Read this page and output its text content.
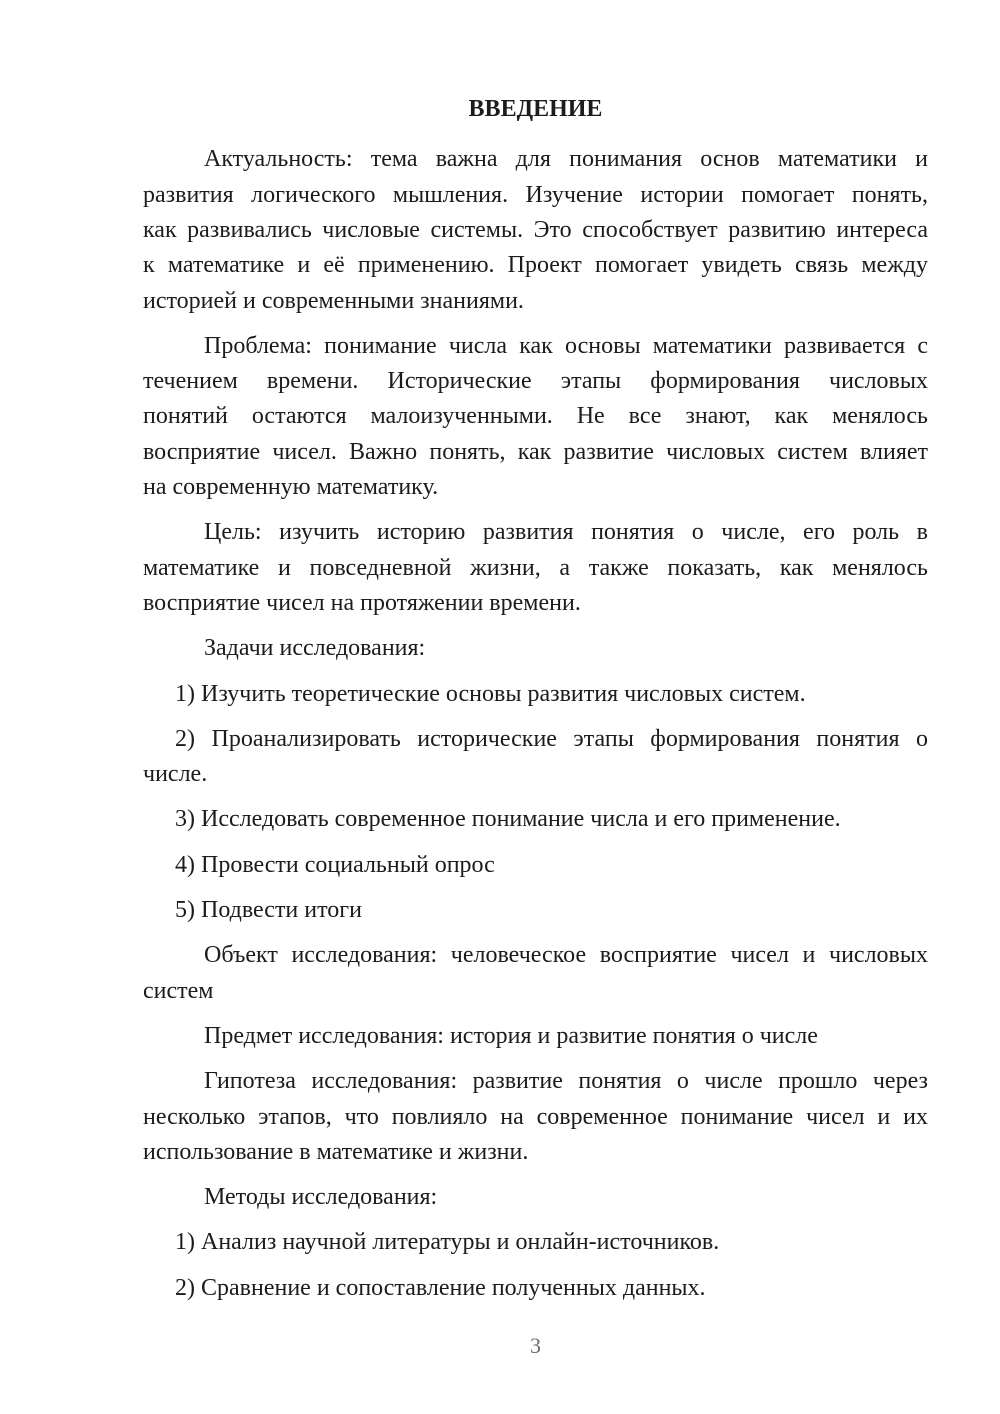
ВВЕДЕНИЕ
Актуальность: тема важна для понимания основ математики и
развития логического мышления. Изучение истории помогает понять,
как развивались числовые системы. Это способствует развитию интереса
к математике и её применению. Проект помогает увидеть связь между
историей и современными знаниями.
Проблема: понимание числа как основы математики развивается с
течением времени. Исторические этапы формирования числовых
понятий остаются малоизученными. Не все знают, как менялось
восприятие чисел. Важно понять, как развитие числовых систем влияет
на современную математику.
Цель: изучить историю развития понятия о числе, его роль в
математике и повседневной жизни, а также показать, как менялось
восприятие чисел на протяжении времени.
Задачи исследования:
1) Изучить теоретические основы развития числовых систем.
2) Проанализировать исторические этапы формирования понятия о
числе.
3) Исследовать современное понимание числа и его применение.
4) Провести социальный опрос
5) Подвести итоги
Объект исследования: человеческое восприятие чисел и числовых
систем
Предмет исследования: история и развитие понятия о числе
Гипотеза исследования: развитие понятия о числе прошло через
несколько этапов, что повлияло на современное понимание чисел и их
использование в математике и жизни.
Методы исследования:
1) Анализ научной литературы и онлайн-источников.
2) Сравнение и сопоставление полученных данных.
3
